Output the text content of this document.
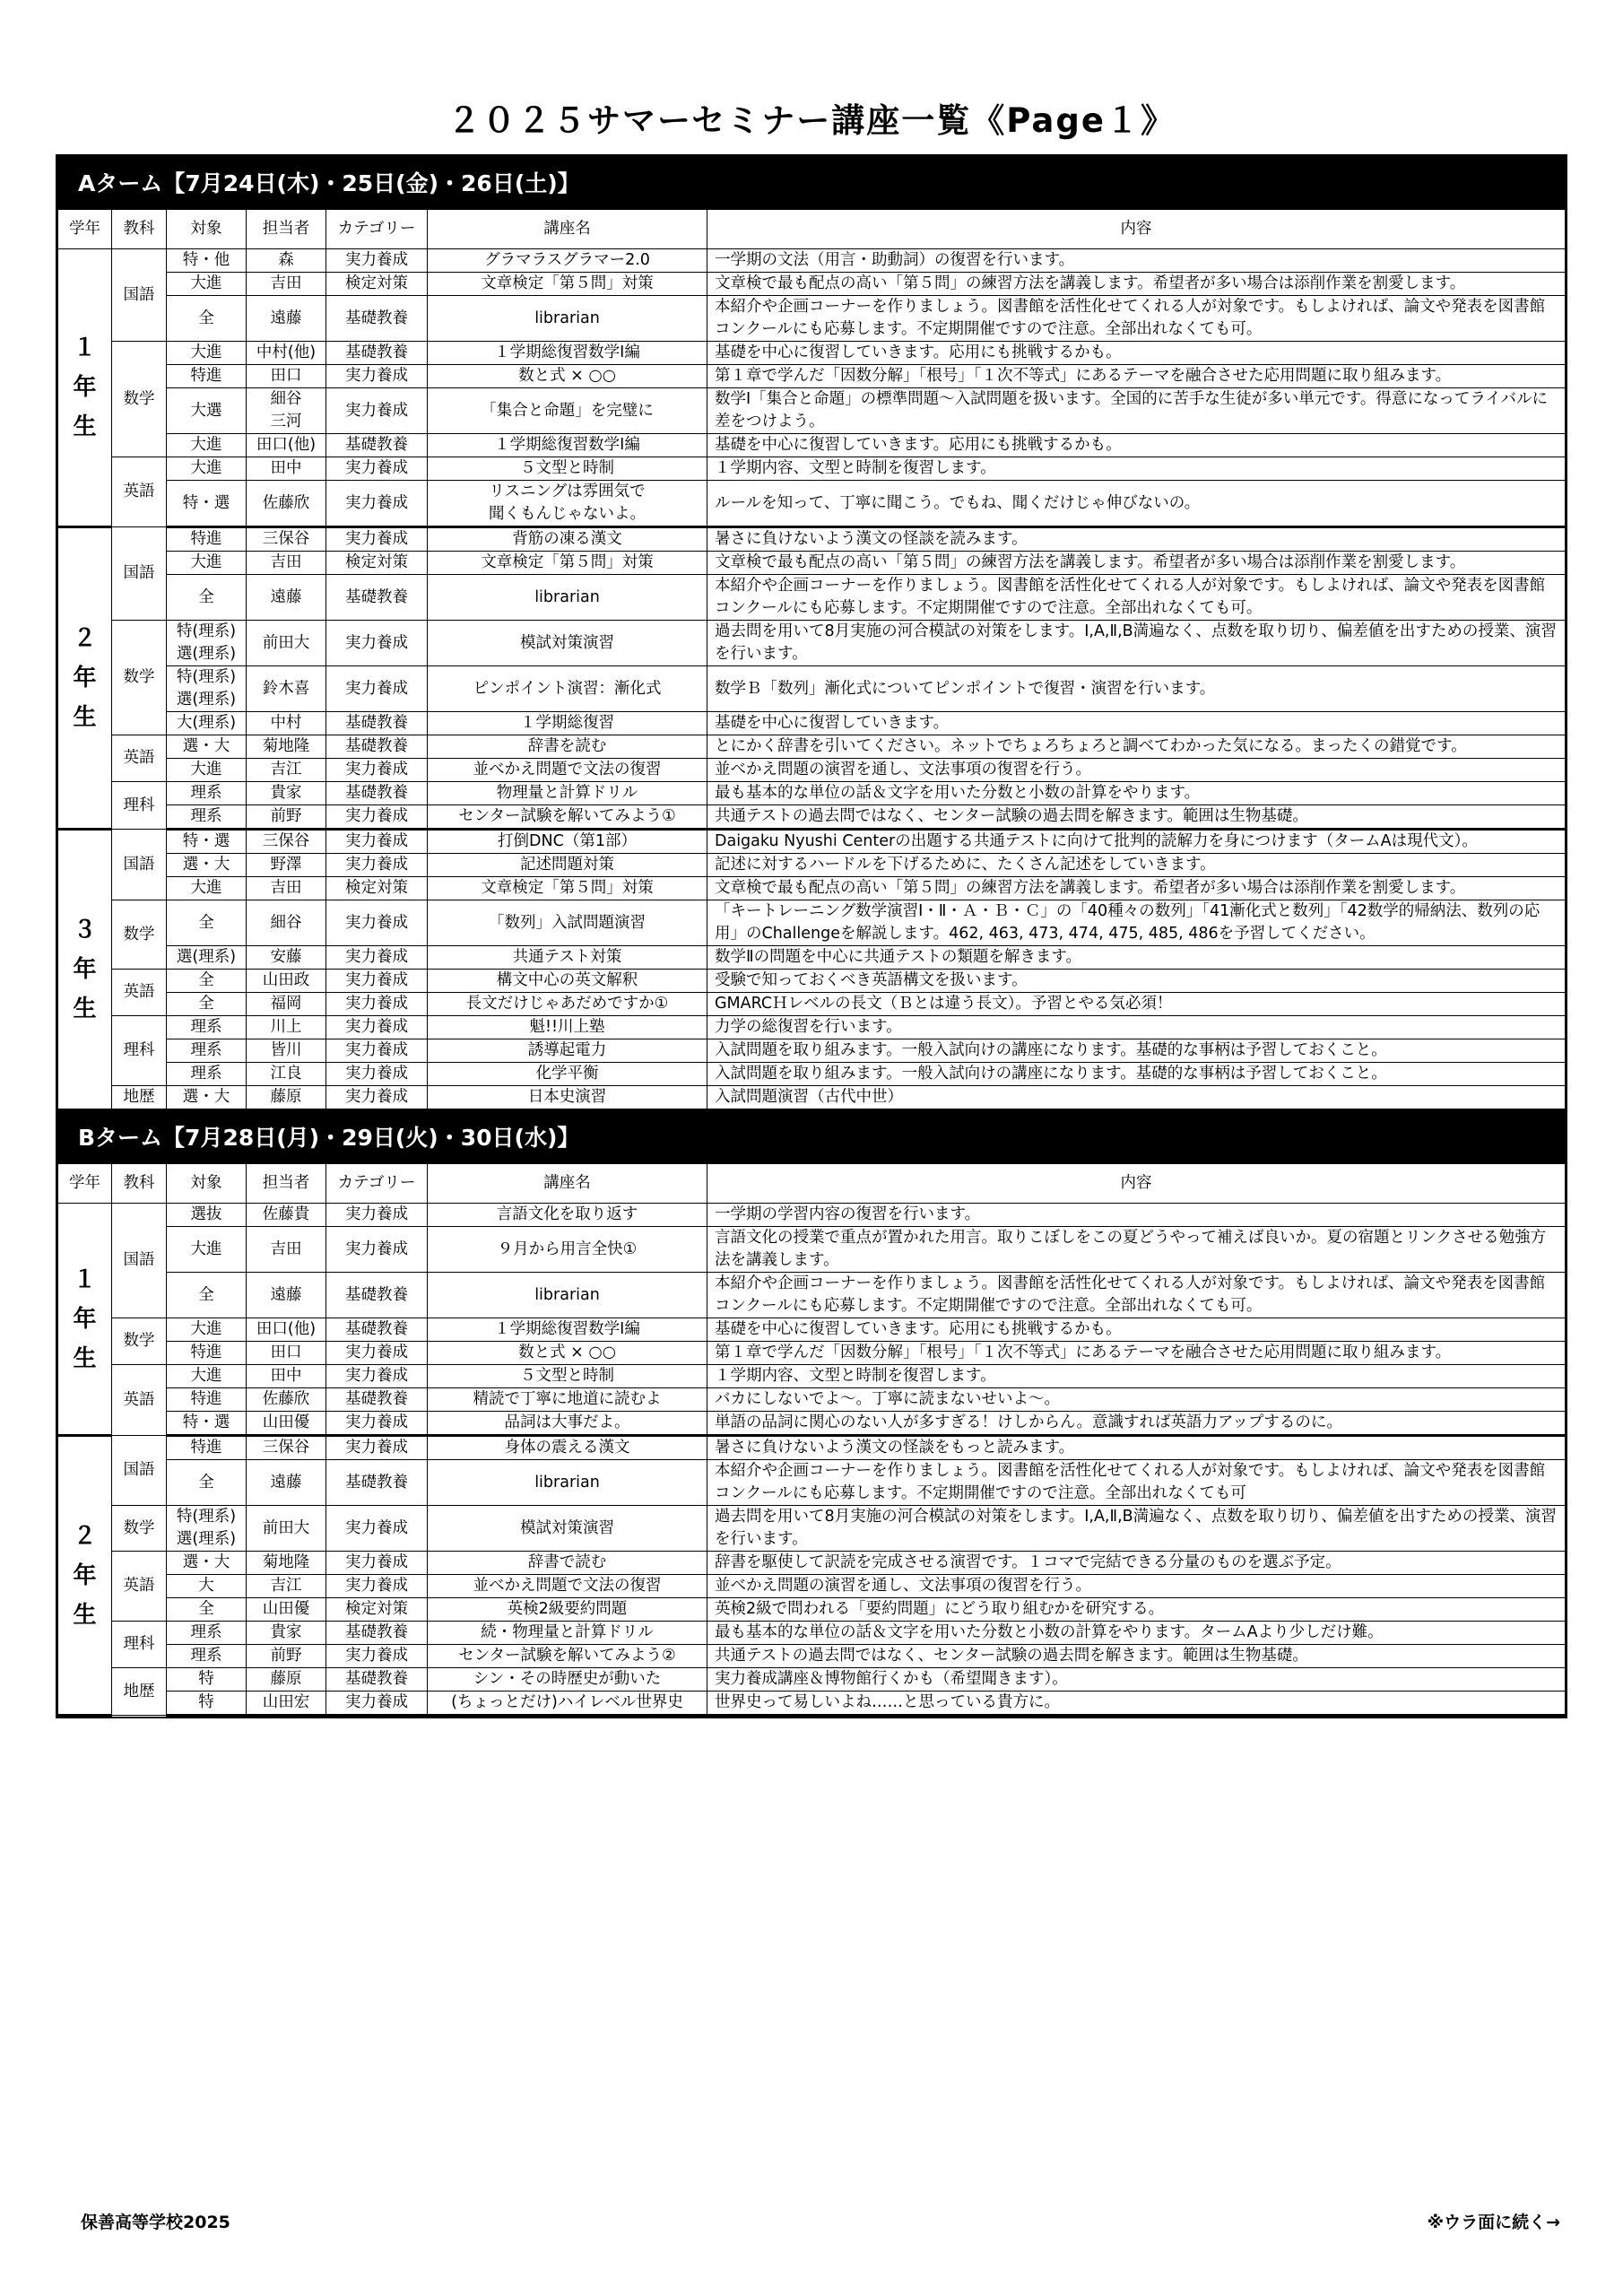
２０２５サマーセミナー講座一覧《Page１》
Aターム【7月24日(木)・25日(金)・26日(土)】						
学年	教科	対象	担当者	カテゴリー	講座名	内容
１
年
生	国語	特・他	森	実力養成	グラマラスグラマー2.0	一学期の文法（用言・助動詞）の復習を行います。
		大進	吉田	検定対策	文章検定「第５問」対策	文章検で最も配点の高い「第５問」の練習方法を講義します。希望者が多い場合は添削作業を割愛します。
		全	遠藤	基礎教養	librarian	本紹介や企画コーナーを作りましょう。図書館を活性化せてくれる人が対象です。もしよければ、論文や発表を図書館コンクールにも応募します。不定期開催ですので注意。全部出れなくても可。
	数学	大進	中村(他)	基礎教養	１学期総復習数学Ⅰ編	基礎を中心に復習していきます。応用にも挑戦するかも。
		特進	田口	実力養成	数と式 × ○○	第１章で学んだ「因数分解」「根号」「１次不等式」にあるテーマを融合させた応用問題に取り組みます。
		大選	細谷
三河	実力養成	「集合と命題」を完璧に	数学Ⅰ「集合と命題」の標準問題～入試問題を扱います。全国的に苦手な生徒が多い単元です。得意になってライバルに差をつけよう。
		大進	田口(他)	基礎教養	１学期総復習数学Ⅰ編	基礎を中心に復習していきます。応用にも挑戦するかも。
	英語	大進	田中	実力養成	５文型と時制	１学期内容、文型と時制を復習します。
		特・選	佐藤欣	実力養成	リスニングは雰囲気で
聞くもんじゃないよ。	ルールを知って、丁寧に聞こう。でもね、聞くだけじゃ伸びないの。
２
年
生	国語	特進	三保谷	実力養成	背筋の凍る漢文	暑さに負けないよう漢文の怪談を読みます。
		大進	吉田	検定対策	文章検定「第５問」対策	文章検で最も配点の高い「第５問」の練習方法を講義します。希望者が多い場合は添削作業を割愛します。
		全	遠藤	基礎教養	librarian	本紹介や企画コーナーを作りましょう。図書館を活性化せてくれる人が対象です。もしよければ、論文や発表を図書館コンクールにも応募します。不定期開催ですので注意。全部出れなくても可。
	数学	特(理系)
選(理系)	前田大	実力養成	模試対策演習	過去問を用いて8月実施の河合模試の対策をします。Ⅰ,A,Ⅱ,B満遍なく、点数を取り切り、偏差値を出すための授業、演習を行います。
		特(理系)
選(理系)	鈴木喜	実力養成	ピンポイント演習：漸化式	数学Ｂ「数列」漸化式についてピンポイントで復習・演習を行います。
		大(理系)	中村	基礎教養	１学期総復習	基礎を中心に復習していきます。
	英語	選・大	菊地隆	基礎教養	辞書を読む	とにかく辞書を引いてください。ネットでちょろちょろと調べてわかった気になる。まったくの錯覚です。
		大進	吉江	実力養成	並べかえ問題で文法の復習	並べかえ問題の演習を通し、文法事項の復習を行う。
	理科	理系	貴家	基礎教養	物理量と計算ドリル	最も基本的な単位の話＆文字を用いた分数と小数の計算をやります。
		理系	前野	実力養成	センター試験を解いてみよう①	共通テストの過去問ではなく、センター試験の過去問を解きます。範囲は生物基礎。
３
年
生	国語	特・選	三保谷	実力養成	打倒DNC（第1部）	Daigaku Nyushi Centerの出題する共通テストに向けて批判的読解力を身につけます（タームAは現代文）。
		選・大	野澤	実力養成	記述問題対策	記述に対するハードルを下げるために、たくさん記述をしていきます。
		大進	吉田	検定対策	文章検定「第５問」対策	文章検で最も配点の高い「第５問」の練習方法を講義します。希望者が多い場合は添削作業を割愛します。
	数学	全	細谷	実力養成	「数列」入試問題演習	「キートレーニング数学演習Ⅰ・Ⅱ・Ａ・Ｂ・Ｃ」の「40種々の数列」「41漸化式と数列」「42数学的帰納法、数列の応用」のChallengeを解説します。462, 463, 473, 474, 475, 485, 486を予習してください。
		選(理系)	安藤	実力養成	共通テスト対策	数学Ⅱの問題を中心に共通テストの類題を解きます。
	英語	全	山田政	実力養成	構文中心の英文解釈	受験で知っておくべき英語構文を扱います。
		全	福岡	実力養成	長文だけじゃあだめですか①	GMARCＨレベルの長文（Ｂとは違う長文）。予習とやる気必須！
	理科	理系	川上	実力養成	魁!!川上塾	力学の総復習を行います。
		理系	皆川	実力養成	誘導起電力	入試問題を取り組みます。一般入試向けの講座になります。基礎的な事柄は予習しておくこと。
		理系	江良	実力養成	化学平衡	入試問題を取り組みます。一般入試向けの講座になります。基礎的な事柄は予習しておくこと。
	地歴	選・大	藤原	実力養成	日本史演習	入試問題演習（古代中世）
Bターム【7月28日(月)・29日(火)・30日(水)】						
学年	教科	対象	担当者	カテゴリー	講座名	内容
１
年
生	国語	選抜	佐藤貴	実力養成	言語文化を取り返す	一学期の学習内容の復習を行います。
		大進	吉田	実力養成	９月から用言全快①	言語文化の授業で重点が置かれた用言。取りこぼしをこの夏どうやって補えば良いか。夏の宿題とリンクさせる勉強方法を講義します。
		全	遠藤	基礎教養	librarian	本紹介や企画コーナーを作りましょう。図書館を活性化せてくれる人が対象です。もしよければ、論文や発表を図書館コンクールにも応募します。不定期開催ですので注意。全部出れなくても可。
	数学	大進	田口(他)	基礎教養	１学期総復習数学Ⅰ編	基礎を中心に復習していきます。応用にも挑戦するかも。
		特進	田口	実力養成	数と式 × ○○	第１章で学んだ「因数分解」「根号」「１次不等式」にあるテーマを融合させた応用問題に取り組みます。
	英語	大進	田中	実力養成	５文型と時制	１学期内容、文型と時制を復習します。
		特進	佐藤欣	基礎教養	精読で丁寧に地道に読むよ	バカにしないでよ～。丁寧に読まないせいよ～。
		特・選	山田優	実力養成	品詞は大事だよ。	単語の品詞に関心のない人が多すぎる！けしからん。意識すれば英語力アップするのに。
２
年
生	国語	特進	三保谷	実力養成	身体の震える漢文	暑さに負けないよう漢文の怪談をもっと読みます。
		全	遠藤	基礎教養	librarian	本紹介や企画コーナーを作りましょう。図書館を活性化せてくれる人が対象です。もしよければ、論文や発表を図書館コンクールにも応募します。不定期開催ですので注意。全部出れなくても可
	数学	特(理系)
選(理系)	前田大	実力養成	模試対策演習	過去問を用いて8月実施の河合模試の対策をします。Ⅰ,A,Ⅱ,B満遍なく、点数を取り切り、偏差値を出すための授業、演習を行います。
	英語	選・大	菊地隆	実力養成	辞書で読む	辞書を駆使して訳読を完成させる演習です。１コマで完結できる分量のものを選ぶ予定。
		大	吉江	実力養成	並べかえ問題で文法の復習	並べかえ問題の演習を通し、文法事項の復習を行う。
		全	山田優	検定対策	英検2級要約問題	英検2級で問われる「要約問題」にどう取り組むかを研究する。
	理科	理系	貴家	基礎教養	続・物理量と計算ドリル	最も基本的な単位の話＆文字を用いた分数と小数の計算をやります。タームAより少しだけ難。
		理系	前野	実力養成	センター試験を解いてみよう②	共通テストの過去問ではなく、センター試験の過去問を解きます。範囲は生物基礎。
	地歴	特	藤原	基礎教養	シン・その時歴史が動いた	実力養成講座＆博物館行くかも（希望聞きます）。
		特	山田宏	実力養成	(ちょっとだけ)ハイレベル世界史	世界史って易しいよね……と思っている貴方に。
保善高等学校2025	※ウラ面に続く→
